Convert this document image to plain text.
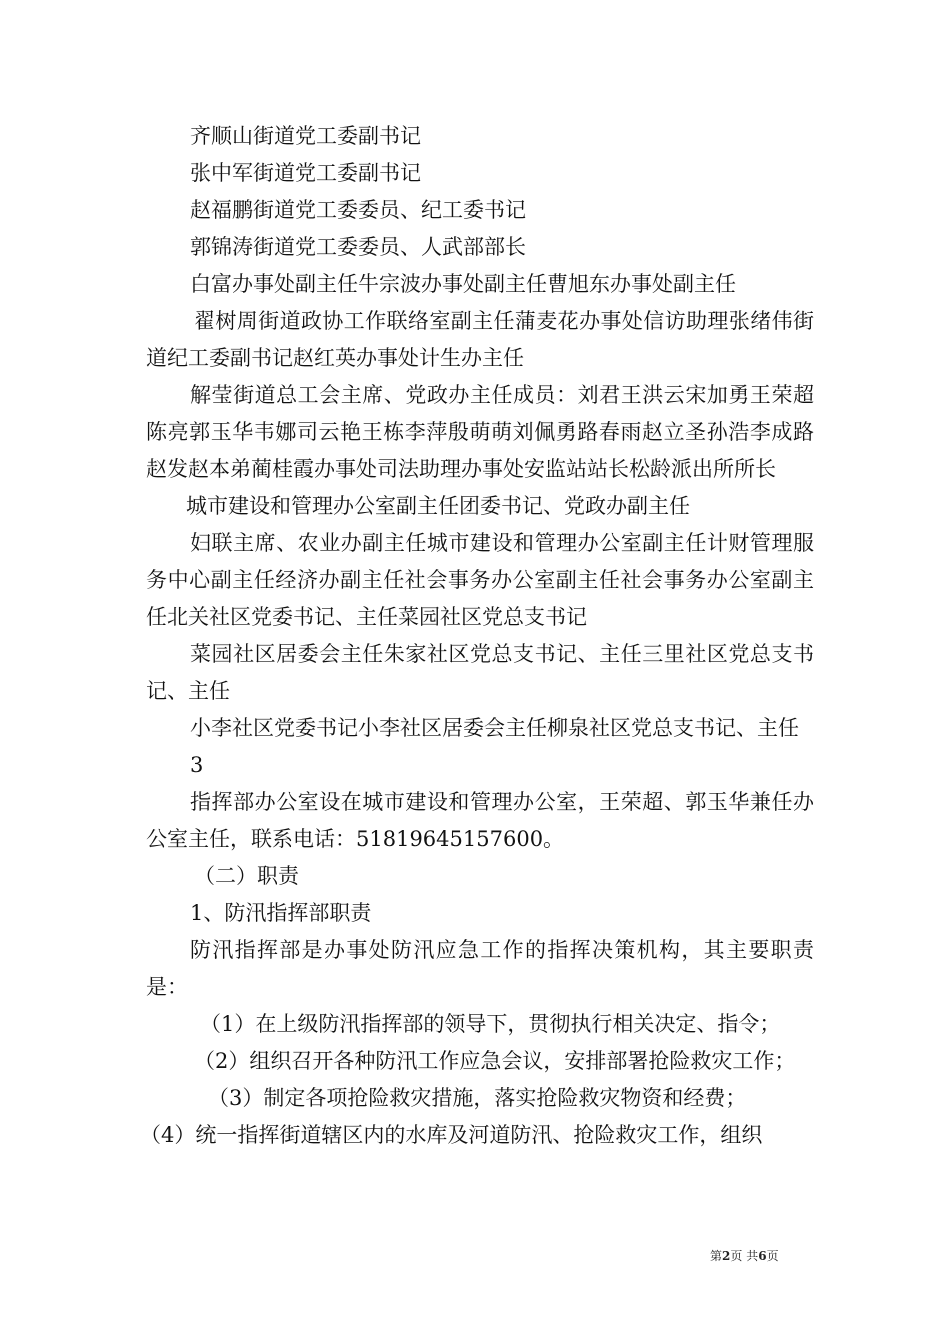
齐顺山街道党工委副书记

张中军街道党工委副书记

赵福鹏街道党工委委员、纪工委书记

郭锦涛街道党工委委员、人武部部长

白富办事处副主任牛宗波办事处副主任曹旭东办事处副主任

翟树周街道政协工作联络室副主任蒲麦花办事处信访助理张绪伟街道纪工委副书记赵红英办事处计生办主任

解莹街道总工会主席、党政办主任成员：刘君王洪云宋加勇王荣超陈亮郭玉华韦娜司云艳王栋李萍殷萌萌刘佩勇路春雨赵立圣孙浩李成路赵发赵本弟蔺桂霞办事处司法助理办事处安监站站长松龄派出所所长

城市建设和管理办公室副主任团委书记、党政办副主任

妇联主席、农业办副主任城市建设和管理办公室副主任计财管理服务中心副主任经济办副主任社会事务办公室副主任社会事务办公室副主任北关社区党委书记、主任菜园社区党总支书记

菜园社区居委会主任朱家社区党总支书记、主任三里社区党总支书记、主任

小李社区党委书记小李社区居委会主任柳泉社区党总支书记、主任

3

指挥部办公室设在城市建设和管理办公室，王荣超、郭玉华兼任办公室主任，联系电话：51819645157600。

（二）职责

1、防汛指挥部职责

防汛指挥部是办事处防汛应急工作的指挥决策机构，其主要职责是：

（1）在上级防汛指挥部的领导下，贯彻执行相关决定、指令；

（2）组织召开各种防汛工作应急会议，安排部署抢险救灾工作；

（3）制定各项抢险救灾措施，落实抢险救灾物资和经费；

（4）统一指挥街道辖区内的水库及河道防汛、抢险救灾工作，组织

第2页 共6页
